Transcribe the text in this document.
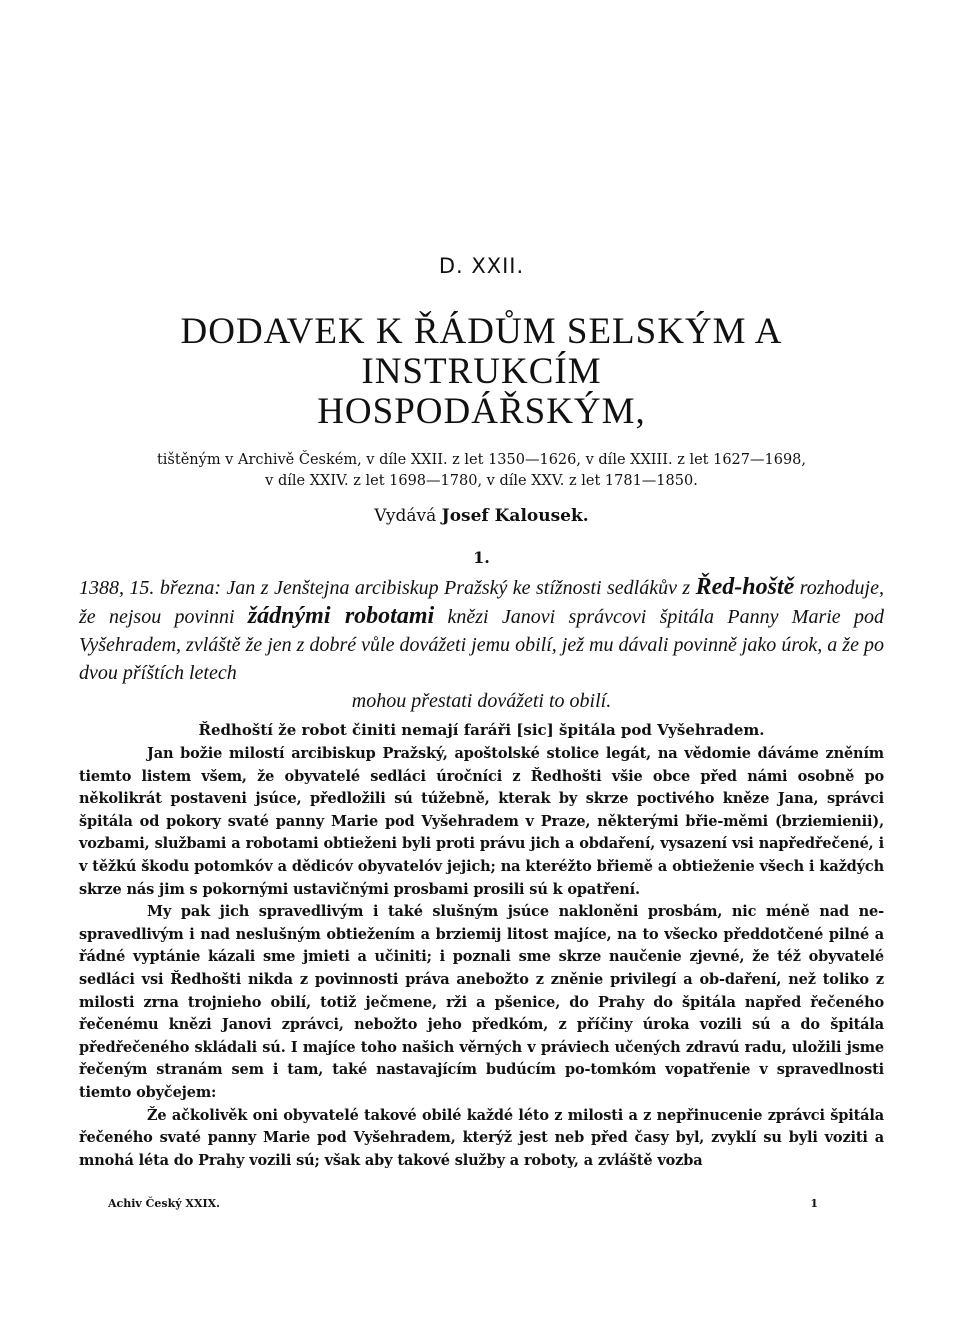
D. XXII.
DODAVEK K ŘÁDŮM SELSKÝM A INSTRUKCÍM
HOSPODÁŘSKÝM,

tištěným v Archivě Českém, v díle XXII. z let 1350—1626, v díle XXIII. z let 1627—1698,
v díle XXIV. z let 1698—1780, v díle XXV. z let 1781—1850.

Vydává Josef Kalousek.

1.

1388, 15. března: Jan z Jenštejna arcibiskup Pražský ke stížnosti sedlákův z Řed-hoště rozhoduje, že nejsou povinni žádnými robotami knězi Janovi správcovi špitála Panny Marie pod Vyšehradem, zvláště že jen z dobré vůle dovážeti jemu obilí, jež mu dávali povinně jako úrok, a že po dvou příštích letech

mohou přestati dovážeti to obilí.

Ředhoští že robot činiti nemají faráři [sic] špitála pod Vyšehradem.

Jan božie milostí arcibiskup Pražský, apoštolské stolice legát, na vědomie dáváme zněním tiemto listem všem, že obyvatelé sedláci úročníci z Ředhošti všie obce před námi osobně po několikrát postaveni jsúce, předložili sú túžebně, kterak by skrze poctivého kněze Jana, správci špitála od pokory svaté panny Marie pod Vyšehradem v Praze, některými břie-měmi (brziemienii), vozbami, službami a robotami obtieženi byli proti právu jich a obdaření, vysazení vsi napředřečené, i v těžkú škodu potomkóv a dědicóv obyvatelóv jejich; na kteréžto břiemě a obtieženie všech i každých skrze nás jim s pokornými ustavičnými prosbami prosili sú k opatření.

My pak jich spravedlivým i také slušným jsúce nakloněni prosbám, nic méně nad ne-spravedlivým i nad neslušným obtiežením a brziemij litost majíce, na to všecko předdotčené pilné a řádné vyptánie kázali sme jmieti a učiniti; i poznali sme skrze naučenie zjevné, že též obyvatelé sedláci vsi Ředhošti nikda z povinnosti práva anebožto z zněnie privilegí a ob-daření, než toliko z milosti zrna trojnieho obilí, totiž ječmene, rži a pšenice, do Prahy do špitála napřed řečeného řečenému knězi Janovi zprávci, nebožto jeho předkóm, z příčiny úroka vozili sú a do špitála předřečeného skládali sú. I majíce toho našich věrných v práviech učených zdravú radu, uložili jsme řečeným stranám sem i tam, také nastavajícím budúcím po-tomkóm vopatřenie v spravedlnosti tiemto obyčejem:

Že ačkolivěk oni obyvatelé takové obilé každé léto z milosti a z nepřinucenie zprávci špitála řečeného svaté panny Marie pod Vyšehradem, kterýž jest neb před časy byl, zvyklí su byli voziti a mnohá léta do Prahy vozili sú; však aby takové služby a roboty, a zvláště vozba

Achiv Český XXIX.	1
